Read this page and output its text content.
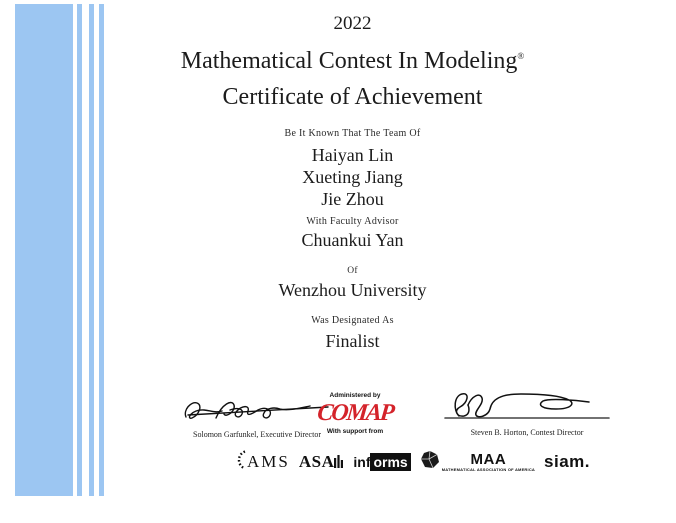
2022
Mathematical Contest In Modeling®
Certificate of Achievement
Be It Known That The Team Of
Haiyan Lin
Xueting Jiang
Jie Zhou
With Faculty Advisor
Chuankui Yan
Of
Wenzhou University
Was Designated As
Finalist
Solomon Garfunkel, Executive Director
Administered by
COMAP
With support from	Steven B. Horton, Contest Director
AMS ASA inf orms	MAA
MATHEMATICAL ASSOCIATION OF AMERICA siam.
